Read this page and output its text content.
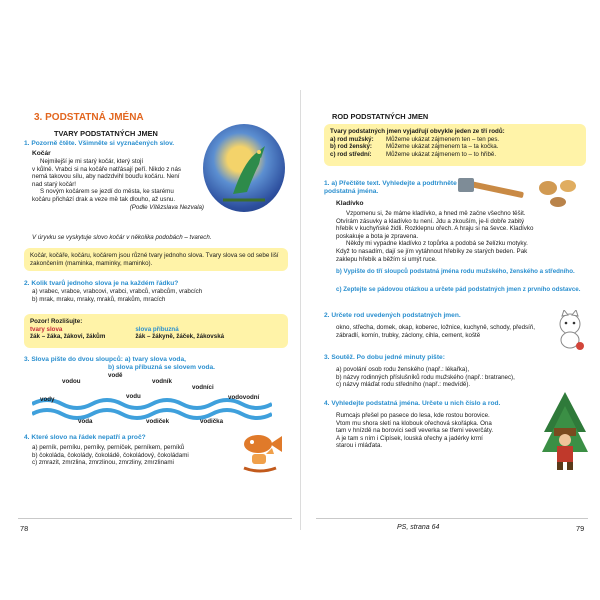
3. PODSTATNÁ JMÉNA
TVARY PODSTATNÝCH JMEN
1. Pozorně čtěte. Všimněte si vyznačených slov.
Kočár
Nejmilejší je mi starý kočár, který stojí
v kůlně. Vrabci si na kočáře natřásají peří. Nikdo z nás
nemá takovou sílu, aby nadzdvihl bouďu kočáru. Není
nad starý kočár!
S novým kočárem se jezdí do města, ke starému
kočáru přichází drak a veze mě tak dlouho, až usnu.
(Podle Vítězslava Nezvala)
V úryvku se vyskytuje slovo kočár v několika podobách – tvarech.
Kočár, kočáře, kočáru, kočárem jsou různé tvary jednoho slova. Tvary slova se od sebe liší zakončením (maminka, maminky, maminko).
2. Kolik tvarů jednoho slova je na každém řádku?
a) vrabec, vrabce, vrabcovi, vrabci, vrabců, vrabcům, vrabcích
b) mrak, mraku, mraky, mraků, mrakům, mracích
Pozor! Rozlišujte:
tvary slova
žák – žáka, žákovi, žákům
slova příbuzná
žák – žákyně, žáček, žákovská
3. Slova pište do dvou sloupců: a) tvary slova voda,
b) slova příbuzná se slovem voda.
vodou
vodě
vodník
vody	vodu
vodníci
vodovodní
voda	vodiček	vodička
4. Které slovo na řádek nepatří a proč?
a) perník, perníku, perníky, perníček, perníkem, perníků
b) čokoláda, čokolády, čokoládě, čokoládový, čokoládami
c) zmrazit, zmrzlina, zmrzlinou, zmrzliny, zmrzlinami
ROD PODSTATNÝCH JMEN
Tvary podstatných jmen vyjadřují obvykle jeden ze tří rodů:
a) rod mužský:	Můžeme ukázat zájmenem ten – ten pes.
b) rod ženský:	Můžeme ukázat zájmenem ta – ta kočka.
c) rod střední:	Můžeme ukázat zájmenem to – to hřibě.
1. a) Přečtěte text. Vyhledejte a podtrhněte podstatná jména.
Kladívko
Vzpomenu si, že máme kladívko, a hned mě začne všechno těšit.
Otvírám zásuvky a kladívko tu není. Jdu a zkouším, je-li dobře zabitý
hřebík v kuchyňské židli. Rozklepnu ořech. A hraju si na ševce. Kladívko
poskakuje a bota je zpravena.
Někdy mi vypadne kladívko z topůrka a podobá se želízku motyky.
Když to nasadím, dají se jím vytáhnout hřebíky ze starých beden. Pak
zaklepu hřebík a běžím si umýt ruce.
b) Vypište do tří sloupců podstatná jména rodu mužského, ženského a středního.
c) Zeptejte se pádovou otázkou a určete pád podstatných jmen z prvního odstavce.
2. Určete rod uvedených podstatných jmen.
okno, střecha, domek, okap, koberec, ložnice, kuchyně, schody, předsíň, zábradlí, komín, trubky, záclony, cihla, cement, koště
3. Soutěž. Po dobu jedné minuty pište:
a) povolání osob rodu ženského (např.: lékařka),
b) názvy rodinných příslušníků rodu mužského (např.: bratranec),
c) názvy mláďat rodu středního (např.: medvídě).
4. Vyhledejte podstatná jména. Určete u nich číslo a rod.
Rumcajs přešel po pasece do lesa, kde rostou borovice.
Vtom mu shora sletí na klobouk ořechová skořápka. Ona
tam v hnízdě na borovici sedí veverka se třemi veverčáty.
A je tam s ním i Cipísek, louská ořechy a jadérky krmí
starou i mláďata.
78	PS, strana 64	79
